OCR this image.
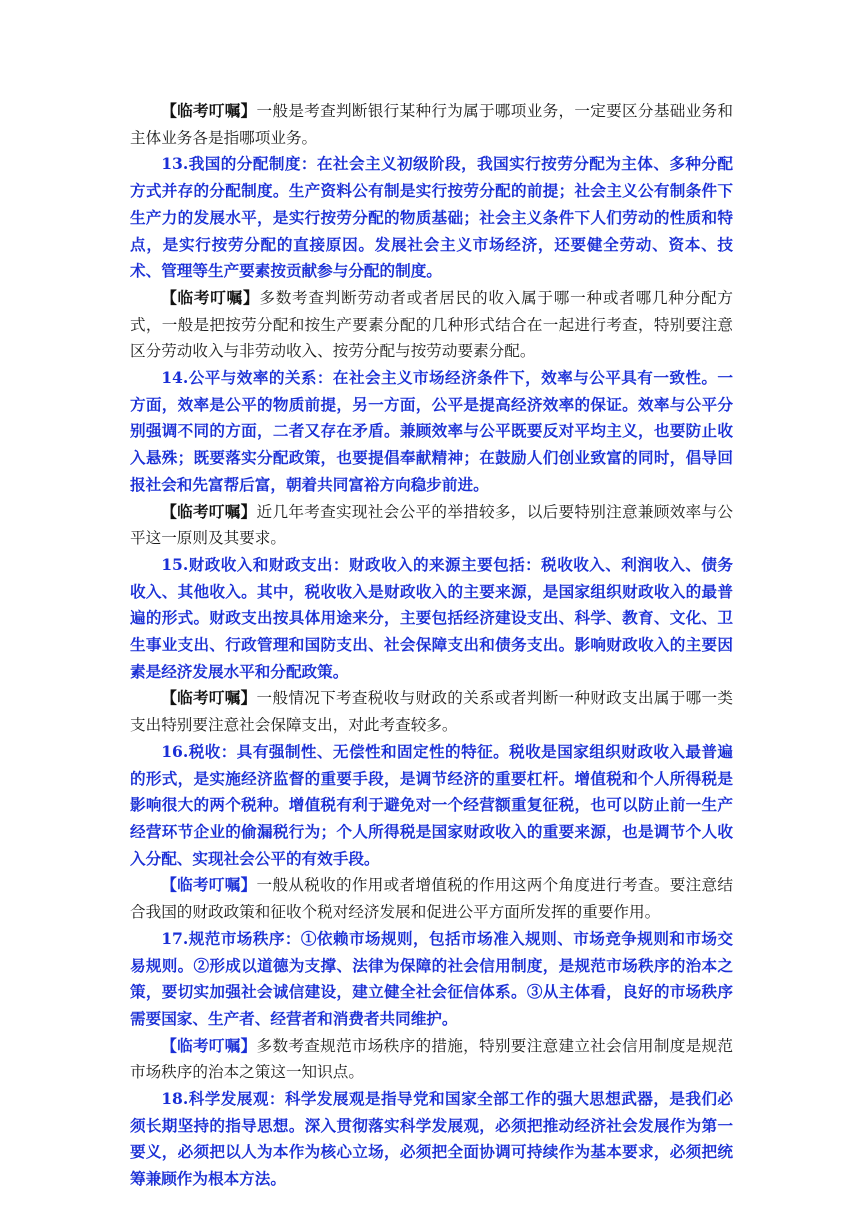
【临考叮嘱】一般是考查判断银行某种行为属于哪项业务，一定要区分基础业务和主体业务各是指哪项业务。

13.我国的分配制度：在社会主义初级阶段，我国实行按劳分配为主体、多种分配方式并存的分配制度。生产资料公有制是实行按劳分配的前提；社会主义公有制条件下生产力的发展水平，是实行按劳分配的物质基础；社会主义条件下人们劳动的性质和特点，是实行按劳分配的直接原因。发展社会主义市场经济，还要健全劳动、资本、技术、管理等生产要素按贡献参与分配的制度。

【临考叮嘱】多数考查判断劳动者或者居民的收入属于哪一种或者哪几种分配方式，一般是把按劳分配和按生产要素分配的几种形式结合在一起进行考查，特别要注意区分劳动收入与非劳动收入、按劳分配与按劳动要素分配。

14.公平与效率的关系：在社会主义市场经济条件下，效率与公平具有一致性。一方面，效率是公平的物质前提，另一方面，公平是提高经济效率的保证。效率与公平分别强调不同的方面，二者又存在矛盾。兼顾效率与公平既要反对平均主义，也要防止收入悬殊；既要落实分配政策，也要提倡奉献精神；在鼓励人们创业致富的同时，倡导回报社会和先富帮后富，朝着共同富裕方向稳步前进。

【临考叮嘱】近几年考查实现社会公平的举措较多，以后要特别注意兼顾效率与公平这一原则及其要求。

15.财政收入和财政支出：财政收入的来源主要包括：税收收入、利润收入、债务收入、其他收入。其中，税收收入是财政收入的主要来源，是国家组织财政收入的最普遍的形式。财政支出按具体用途来分，主要包括经济建设支出、科学、教育、文化、卫生事业支出、行政管理和国防支出、社会保障支出和债务支出。影响财政收入的主要因素是经济发展水平和分配政策。

【临考叮嘱】一般情况下考查税收与财政的关系或者判断一种财政支出属于哪一类支出特别要注意社会保障支出，对此考查较多。

16.税收：具有强制性、无偿性和固定性的特征。税收是国家组织财政收入最普遍的形式，是实施经济监督的重要手段，是调节经济的重要杠杆。增值税和个人所得税是影响很大的两个税种。增值税有利于避免对一个经营额重复征税，也可以防止前一生产经营环节企业的偷漏税行为；个人所得税是国家财政收入的重要来源，也是调节个人收入分配、实现社会公平的有效手段。

【临考叮嘱】一般从税收的作用或者增值税的作用这两个角度进行考查。要注意结合我国的财政政策和征收个税对经济发展和促进公平方面所发挥的重要作用。

17.规范市场秩序：①依赖市场规则，包括市场准入规则、市场竞争规则和市场交易规则。②形成以道德为支撑、法律为保障的社会信用制度，是规范市场秩序的治本之策，要切实加强社会诚信建设，建立健全社会征信体系。③从主体看，良好的市场秩序需要国家、生产者、经营者和消费者共同维护。

【临考叮嘱】多数考查规范市场秩序的措施，特别要注意建立社会信用制度是规范市场秩序的治本之策这一知识点。

18.科学发展观：科学发展观是指导党和国家全部工作的强大思想武器，是我们必须长期坚持的指导思想。深入贯彻落实科学发展观，必须把推动经济社会发展作为第一要义，必须把以人为本作为核心立场，必须把全面协调可持续作为基本要求，必须把统筹兼顾作为根本方法。
